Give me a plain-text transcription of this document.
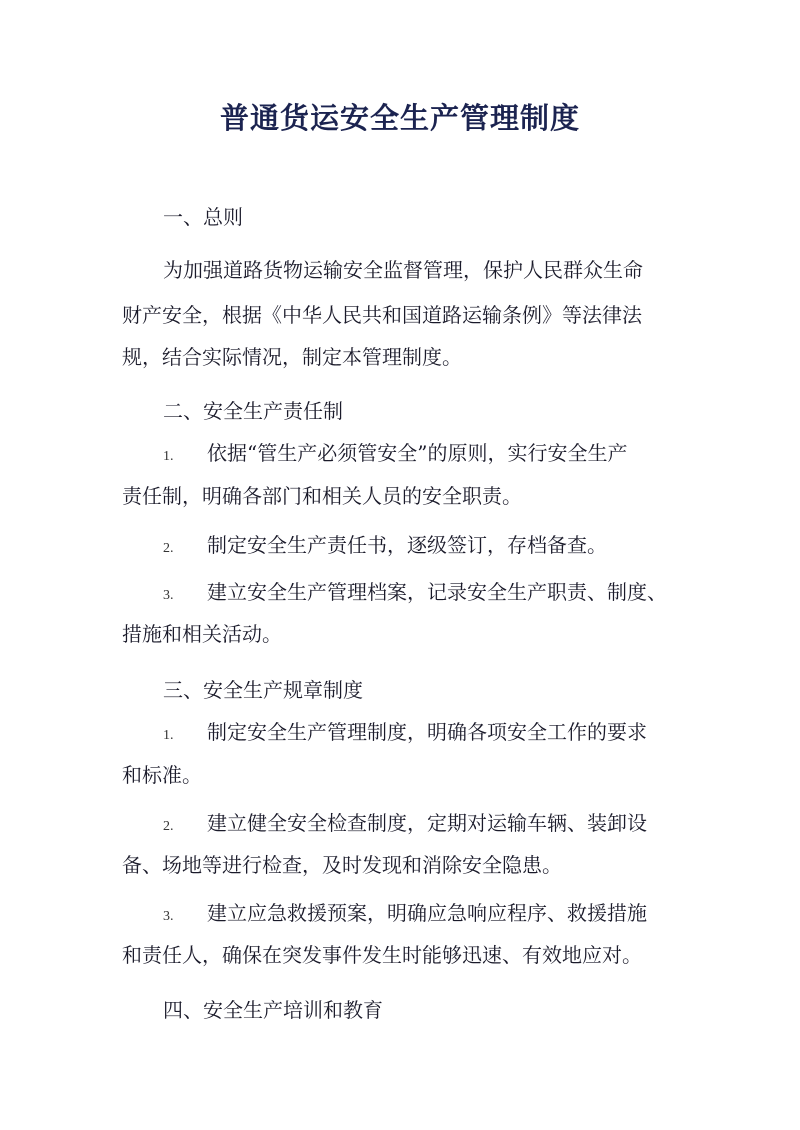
普通货运安全生产管理制度
一、总则
为加强道路货物运输安全监督管理，保护人民群众生命
财产安全，根据《中华人民共和国道路运输条例》等法律法
规，结合实际情况，制定本管理制度。
二、安全生产责任制
1. 依据“管生产必须管安全”的原则，实行安全生产
责任制，明确各部门和相关人员的安全职责。
2. 制定安全生产责任书，逐级签订，存档备查。
3. 建立安全生产管理档案，记录安全生产职责、制度、
措施和相关活动。
三、安全生产规章制度
1. 制定安全生产管理制度，明确各项安全工作的要求
和标准。
2. 建立健全安全检查制度，定期对运输车辆、装卸设
备、场地等进行检查，及时发现和消除安全隐患。
3. 建立应急救援预案，明确应急响应程序、救援措施
和责任人，确保在突发事件发生时能够迅速、有效地应对。
四、安全生产培训和教育
